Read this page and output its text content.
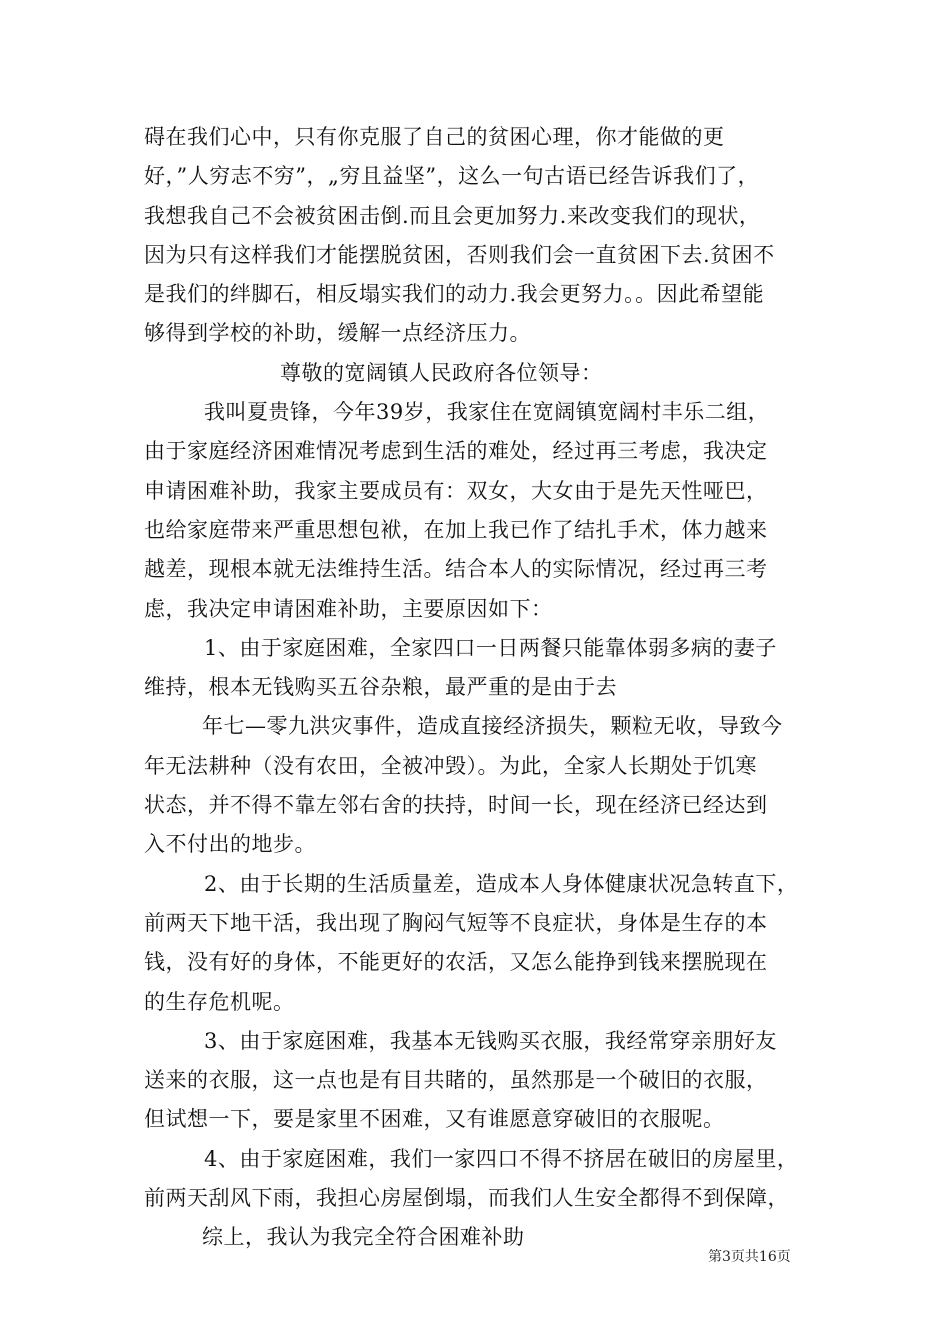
碍在我们心中，只有你克服了自己的贫困心理，你才能做的更
好，”人穷志不穷”，„穷且益坚”，这么一句古语已经告诉我们了，
我想我自己不会被贫困击倒.而且会更加努力.来改变我们的现状，
因为只有这样我们才能摆脱贫困，否则我们会一直贫困下去.贫困不
是我们的绊脚石，相反塌实我们的动力.我会更努力。。因此希望能
够得到学校的补助，缓解一点经济压力。
尊敬的宽阔镇人民政府各位领导：
我叫夏贵锋，今年39岁，我家住在宽阔镇宽阔村丰乐二组，
由于家庭经济困难情况考虑到生活的难处，经过再三考虑，我决定
申请困难补助，我家主要成员有：双女，大女由于是先天性哑巴，
也给家庭带来严重思想包袱，在加上我已作了结扎手术，体力越来
越差，现根本就无法维持生活。结合本人的实际情况，经过再三考
虑，我决定申请困难补助，主要原因如下：
1、由于家庭困难，全家四口一日两餐只能靠体弱多病的妻子
维持，根本无钱购买五谷杂粮，最严重的是由于去
年七—零九洪灾事件，造成直接经济损失，颗粒无收，导致今
年无法耕种（没有农田，全被冲毁）。为此，全家人长期处于饥寒
状态，并不得不靠左邻右舍的扶持，时间一长，现在经济已经达到
入不付出的地步。
2、由于长期的生活质量差，造成本人身体健康状况急转直下，
前两天下地干活，我出现了胸闷气短等不良症状，身体是生存的本
钱，没有好的身体，不能更好的农活，又怎么能挣到钱来摆脱现在
的生存危机呢。
3、由于家庭困难，我基本无钱购买衣服，我经常穿亲朋好友
送来的衣服，这一点也是有目共睹的，虽然那是一个破旧的衣服，
但试想一下，要是家里不困难，又有谁愿意穿破旧的衣服呢。
4、由于家庭困难，我们一家四口不得不挤居在破旧的房屋里，
前两天刮风下雨，我担心房屋倒塌，而我们人生安全都得不到保障，
综上，我认为我完全符合困难补助
第3页共16页
